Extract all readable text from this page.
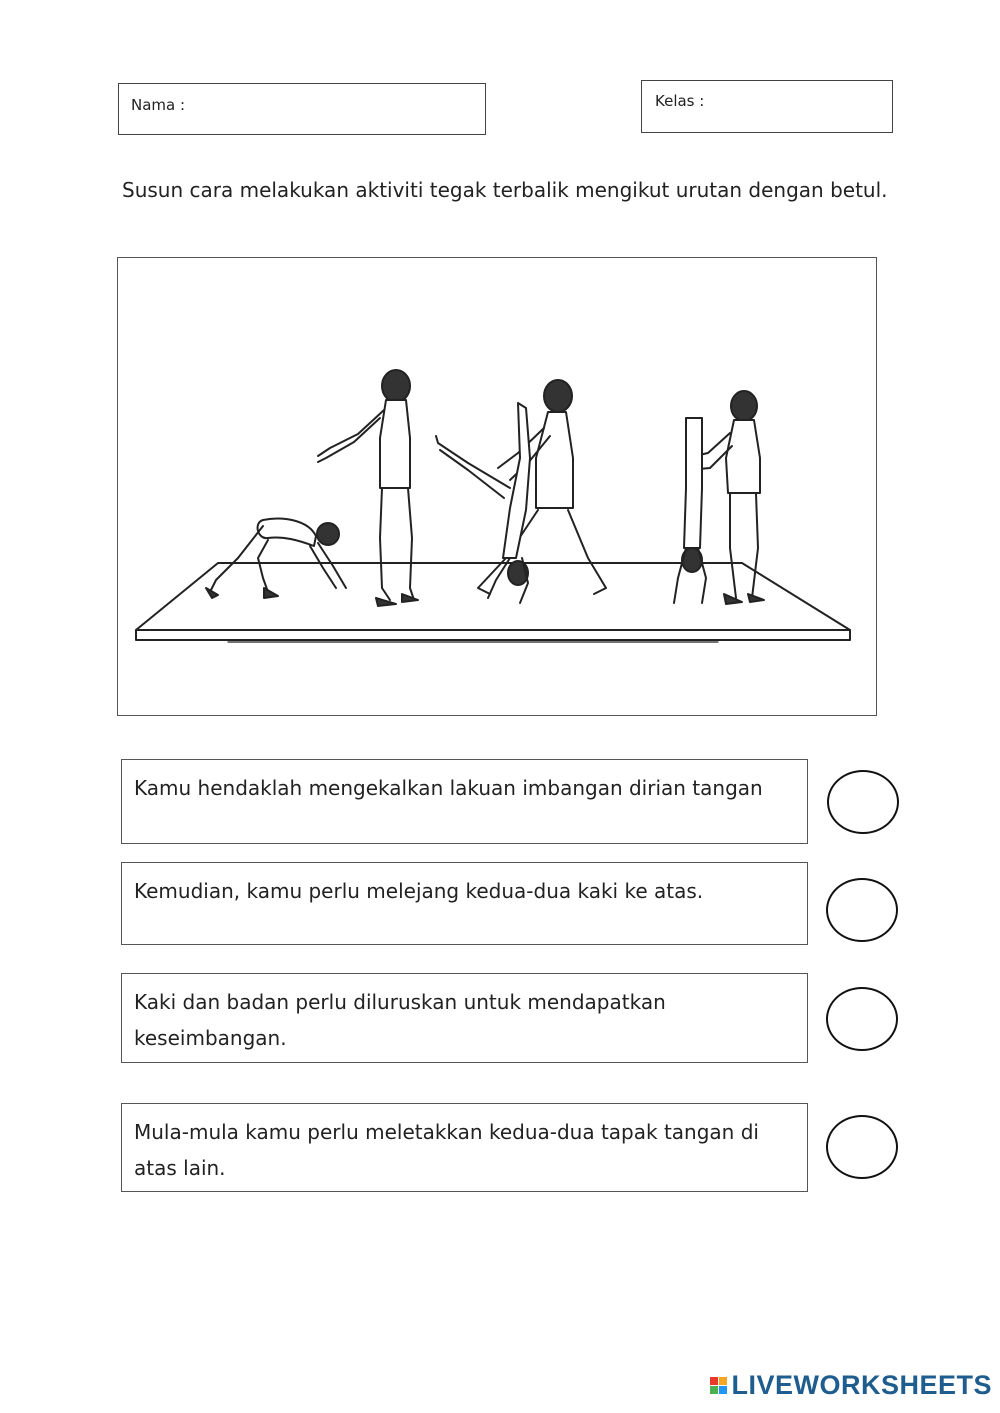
Nama :	Kelas :
Susun cara melakukan aktiviti tegak terbalik mengikut urutan dengan betul.
Kamu hendaklah mengekalkan lakuan imbangan dirian tangan
Kemudian, kamu perlu melejang kedua-dua kaki ke atas.
Kaki dan badan perlu diluruskan untuk mendapatkan keseimbangan.
Mula-mula kamu perlu meletakkan kedua-dua tapak tangan di atas lain.
LIVEWORKSHEETS
